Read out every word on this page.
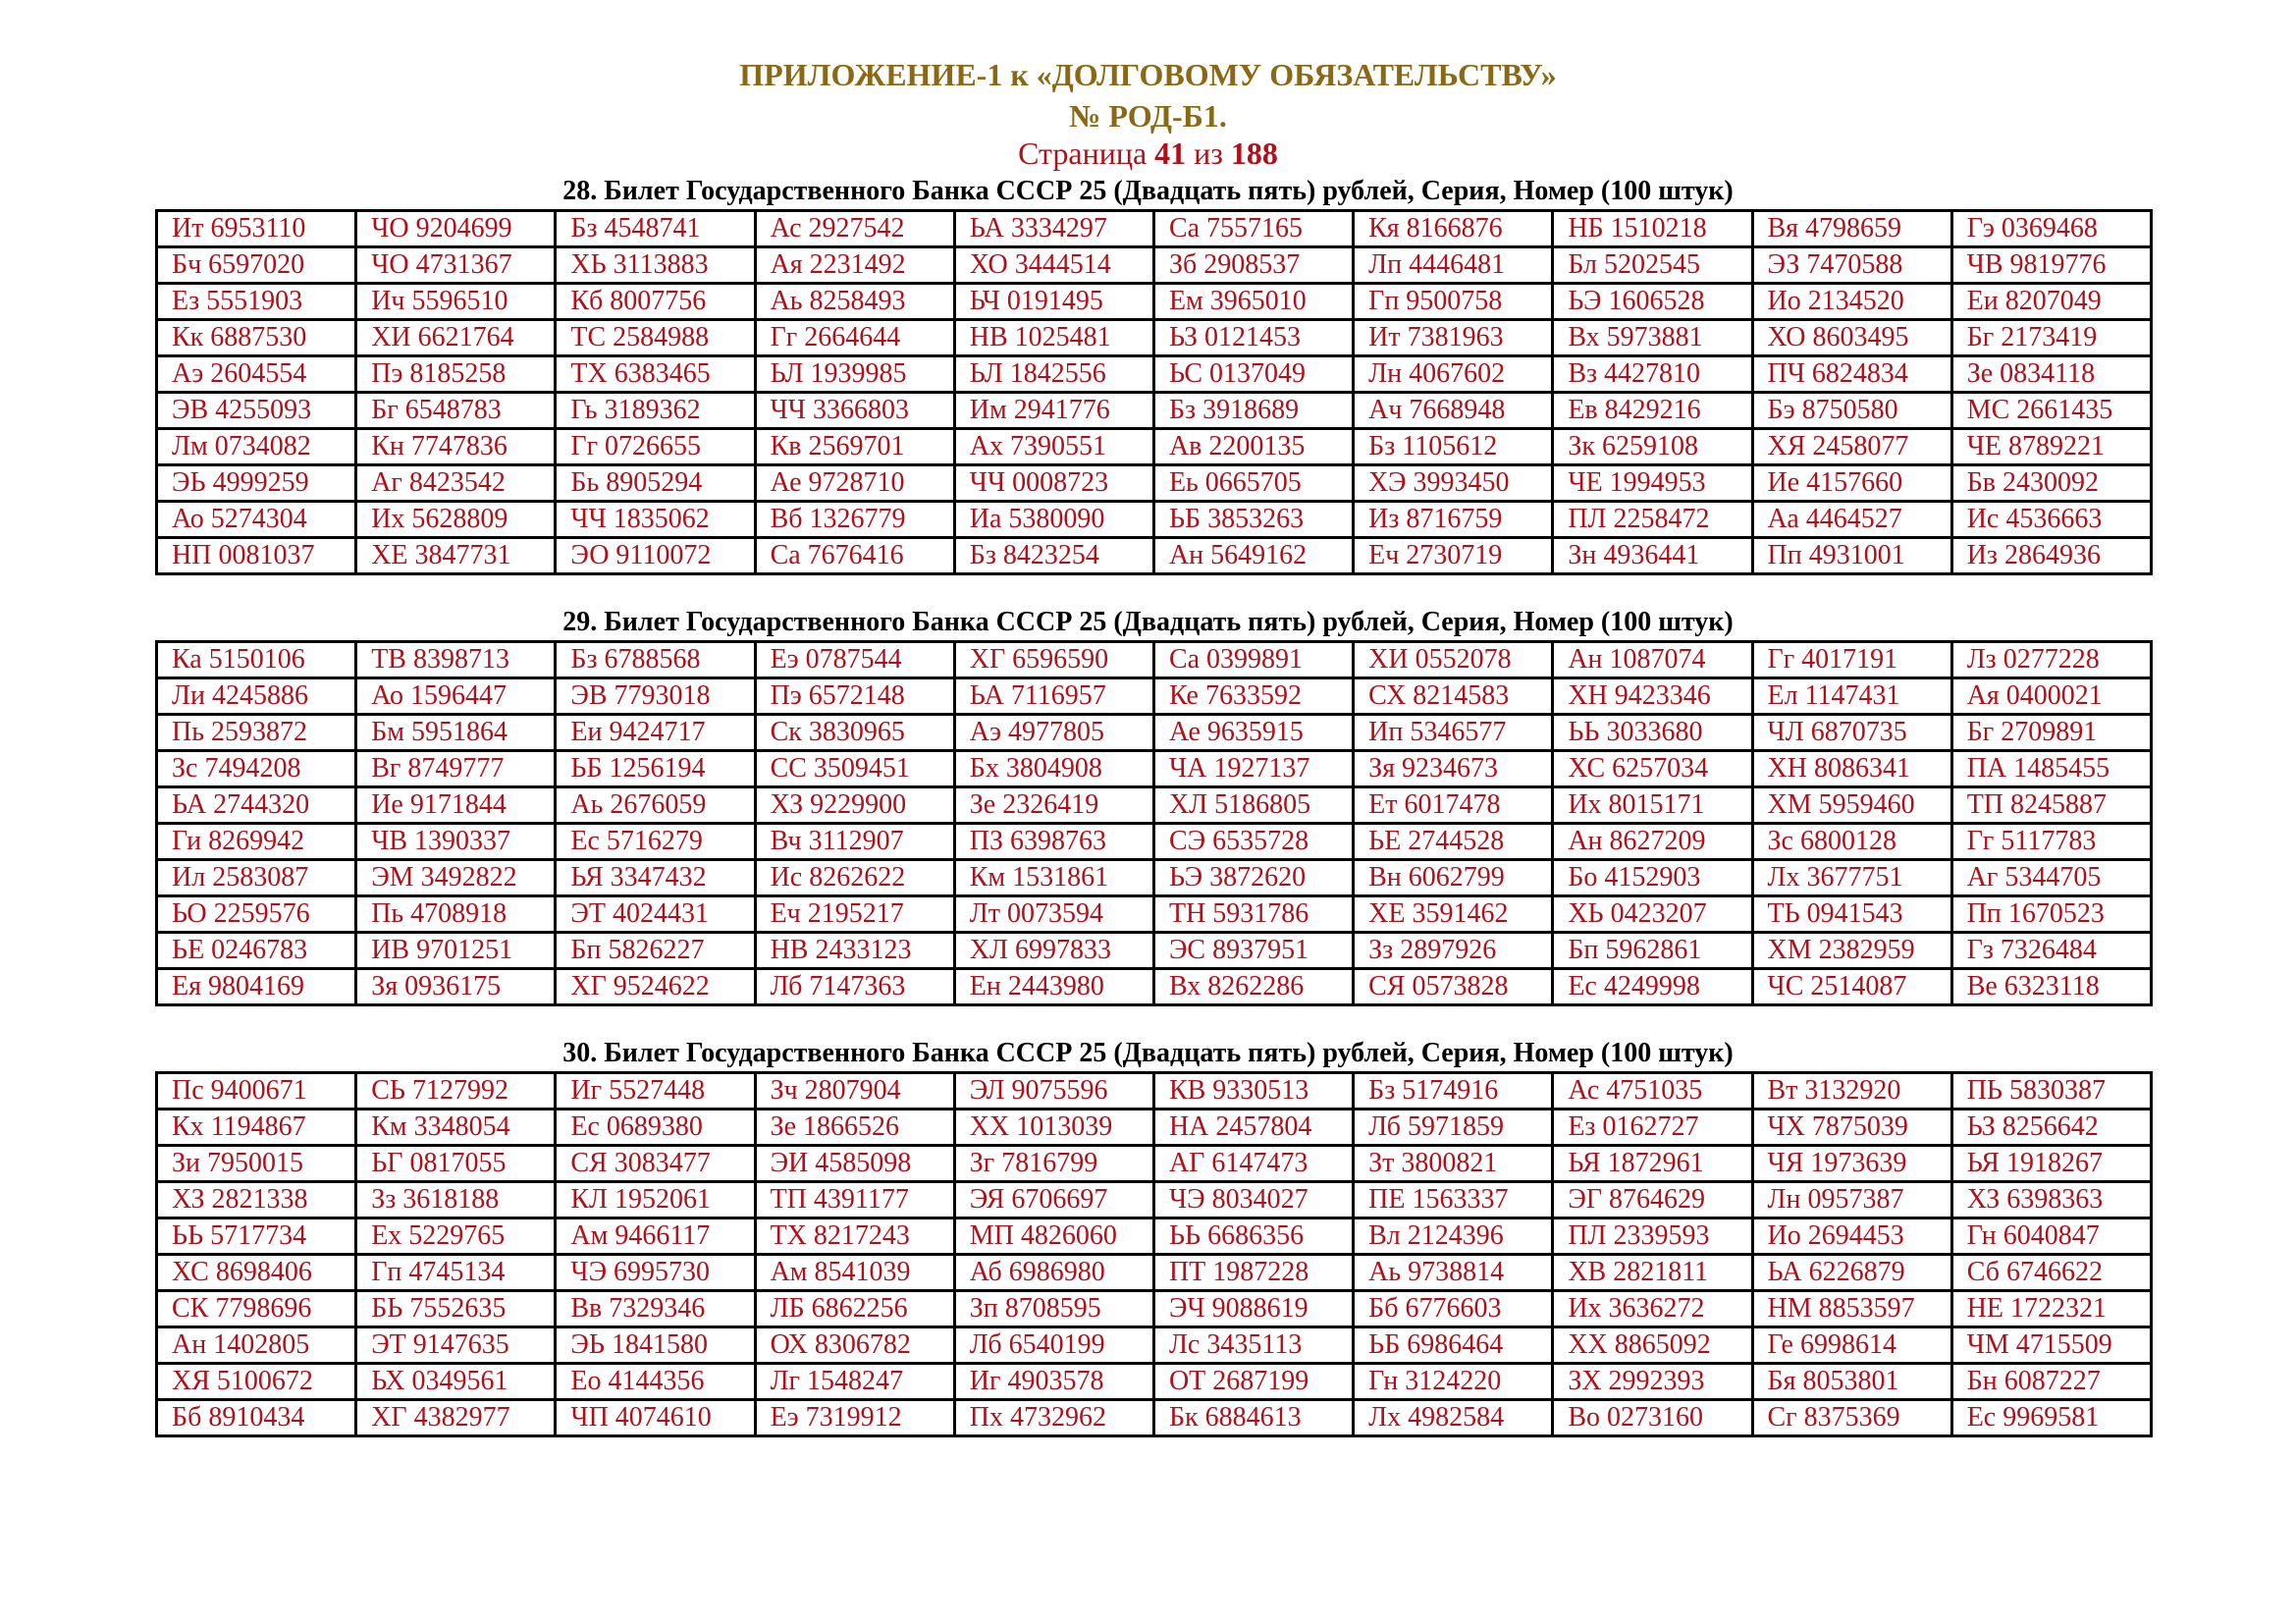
ПРИЛОЖЕНИЕ-1 к «ДОЛГОВОМУ ОБЯЗАТЕЛЬСТВУ»
№ РОД-Б1.
Страница 41 из 188
28. Билет Государственного Банка СССР 25 (Двадцать пять) рублей, Серия, Номер (100 штук)
Ит 6953110	ЧО 9204699	Бз 4548741	Ас 2927542	ЬА 3334297	Са 7557165	Кя 8166876	НБ 1510218	Вя 4798659	Гэ 0369468
Бч 6597020	ЧО 4731367	ХЬ 3113883	Ая 2231492	ХО 3444514	Зб 2908537	Лп 4446481	Бл 5202545	ЭЗ 7470588	ЧВ 9819776
Ез 5551903	Ич 5596510	Кб 8007756	Аь 8258493	ЬЧ 0191495	Ем 3965010	Гп 9500758	ЬЭ 1606528	Ио 2134520	Еи 8207049
Кк 6887530	ХИ 6621764	ТС 2584988	Гг 2664644	НВ 1025481	ЬЗ 0121453	Ит 7381963	Вх 5973881	ХО 8603495	Бг 2173419
Аэ 2604554	Пэ 8185258	ТХ 6383465	ЬЛ 1939985	ЬЛ 1842556	ЬС 0137049	Лн 4067602	Вз 4427810	ПЧ 6824834	Зе 0834118
ЭВ 4255093	Бг 6548783	Гь 3189362	ЧЧ 3366803	Им 2941776	Бз 3918689	Ач 7668948	Ев 8429216	Бэ 8750580	МС 2661435
Лм 0734082	Кн 7747836	Гг 0726655	Кв 2569701	Ах 7390551	Ав 2200135	Бз 1105612	Зк 6259108	ХЯ 2458077	ЧЕ 8789221
ЭЬ 4999259	Аг 8423542	Бь 8905294	Ае 9728710	ЧЧ 0008723	Еь 0665705	ХЭ 3993450	ЧЕ 1994953	Ие 4157660	Бв 2430092
Ао 5274304	Их 5628809	ЧЧ 1835062	Вб 1326779	Иа 5380090	ЬБ 3853263	Из 8716759	ПЛ 2258472	Аа 4464527	Ис 4536663
НП 0081037	ХЕ 3847731	ЭО 9110072	Са 7676416	Бз 8423254	Ан 5649162	Еч 2730719	Зн 4936441	Пп 4931001	Из 2864936
29. Билет Государственного Банка СССР 25 (Двадцать пять) рублей, Серия, Номер (100 штук)
Ка 5150106	ТВ 8398713	Бз 6788568	Еэ 0787544	ХГ 6596590	Са 0399891	ХИ 0552078	Ан 1087074	Гг 4017191	Лз 0277228
Ли 4245886	Ао 1596447	ЭВ 7793018	Пэ 6572148	ЬА 7116957	Ке 7633592	СХ 8214583	ХН 9423346	Ел 1147431	Ая 0400021
Пь 2593872	Бм 5951864	Еи 9424717	Ск 3830965	Аэ 4977805	Ае 9635915	Ип 5346577	ЬЬ 3033680	ЧЛ 6870735	Бг 2709891
Зс 7494208	Вг 8749777	ЬБ 1256194	СС 3509451	Бх 3804908	ЧА 1927137	Зя 9234673	ХС 6257034	ХН 8086341	ПА 1485455
ЬА 2744320	Ие 9171844	Аь 2676059	ХЗ 9229900	Зе 2326419	ХЛ 5186805	Ет 6017478	Их 8015171	ХМ 5959460	ТП 8245887
Ги 8269942	ЧВ 1390337	Ес 5716279	Вч 3112907	ПЗ 6398763	СЭ 6535728	ЬЕ 2744528	Ан 8627209	Зс 6800128	Гг 5117783
Ил 2583087	ЭМ 3492822	ЬЯ 3347432	Ис 8262622	Км 1531861	ЬЭ 3872620	Вн 6062799	Бо 4152903	Лх 3677751	Аг 5344705
ЬО 2259576	Пь 4708918	ЭТ 4024431	Еч 2195217	Лт 0073594	ТН 5931786	ХЕ 3591462	ХЬ 0423207	ТЬ 0941543	Пп 1670523
ЬЕ 0246783	ИВ 9701251	Бп 5826227	НВ 2433123	ХЛ 6997833	ЭС 8937951	Зз 2897926	Бп 5962861	ХМ 2382959	Гз 7326484
Ея 9804169	Зя 0936175	ХГ 9524622	Лб 7147363	Ен 2443980	Вх 8262286	СЯ 0573828	Ес 4249998	ЧС 2514087	Ве 6323118
30. Билет Государственного Банка СССР 25 (Двадцать пять) рублей, Серия, Номер (100 штук)
Пс 9400671	СЬ 7127992	Иг 5527448	Зч 2807904	ЭЛ 9075596	КВ 9330513	Бз 5174916	Ас 4751035	Вт 3132920	ПЬ 5830387
Кх 1194867	Км 3348054	Ес 0689380	Зе 1866526	ХХ 1013039	НА 2457804	Лб 5971859	Ез 0162727	ЧХ 7875039	ЬЗ 8256642
Зи 7950015	ЬГ 0817055	СЯ 3083477	ЭИ 4585098	Зг 7816799	АГ 6147473	Зт 3800821	ЬЯ 1872961	ЧЯ 1973639	ЬЯ 1918267
ХЗ 2821338	Зз 3618188	КЛ 1952061	ТП 4391177	ЭЯ 6706697	ЧЭ 8034027	ПЕ 1563337	ЭГ 8764629	Лн 0957387	ХЗ 6398363
ЬЬ 5717734	Ех 5229765	Ам 9466117	ТХ 8217243	МП 4826060	ЬЬ 6686356	Вл 2124396	ПЛ 2339593	Ио 2694453	Гн 6040847
ХС 8698406	Гп 4745134	ЧЭ 6995730	Ам 8541039	Аб 6986980	ПТ 1987228	Аь 9738814	ХВ 2821811	ЬА 6226879	Сб 6746622
СК 7798696	БЬ 7552635	Вв 7329346	ЛБ 6862256	Зп 8708595	ЭЧ 9088619	Бб 6776603	Их 3636272	НМ 8853597	НЕ 1722321
Ан 1402805	ЭТ 9147635	ЭЬ 1841580	ОХ 8306782	Лб 6540199	Лс 3435113	ЬБ 6986464	ХХ 8865092	Ге 6998614	ЧМ 4715509
ХЯ 5100672	ЬХ 0349561	Ео 4144356	Лг 1548247	Иг 4903578	ОТ 2687199	Гн 3124220	ЗХ 2992393	Бя 8053801	Бн 6087227
Бб 8910434	ХГ 4382977	ЧП 4074610	Еэ 7319912	Пх 4732962	Бк 6884613	Лх 4982584	Во 0273160	Сг 8375369	Ес 9969581
